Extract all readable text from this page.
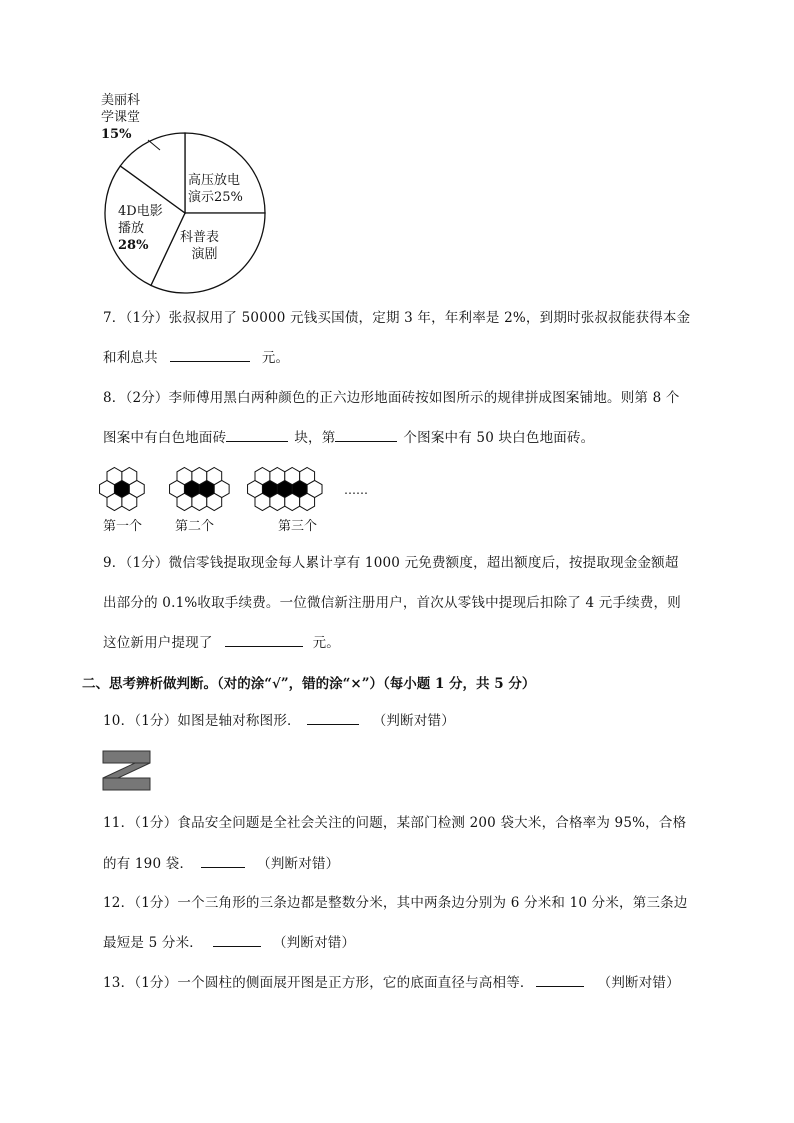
美丽科
学课堂
15%
高压放电
演示25%
科普表
演剧
4D电影
播放
28%
7．（1分）张叔叔用了 50000 元钱买国债，定期 3 年，年利率是 2%，到期时张叔叔能获得本金
和利息共	元。
8．（2分）李师傅用黑白两种颜色的正六边形地面砖按如图所示的规律拼成图案铺地。则第 8 个
图案中有白色地面砖	块，第	个图案中有 50 块白色地面砖。
……
第一个	第二个	第三个
9．（1分）微信零钱提取现金每人累计享有 1000 元免费额度，超出额度后，按提取现金金额超
出部分的 0.1%收取手续费。一位微信新注册用户，首次从零钱中提现后扣除了 4 元手续费，则
这位新用户提现了	元。
二、思考辨析做判断。（对的涂“√”，错的涂“×”）（每小题 1 分，共 5 分）
10．（1分）如图是轴对称图形．	（判断对错）
11．（1分）食品安全问题是全社会关注的问题，某部门检测 200 袋大米，合格率为 95%，合格
的有 190 袋．	（判断对错）
12．（1分）一个三角形的三条边都是整数分米，其中两条边分别为 6 分米和 10 分米，第三条边
最短是 5 分米．	（判断对错）
13．（1分）一个圆柱的侧面展开图是正方形，它的底面直径与高相等．	（判断对错）
